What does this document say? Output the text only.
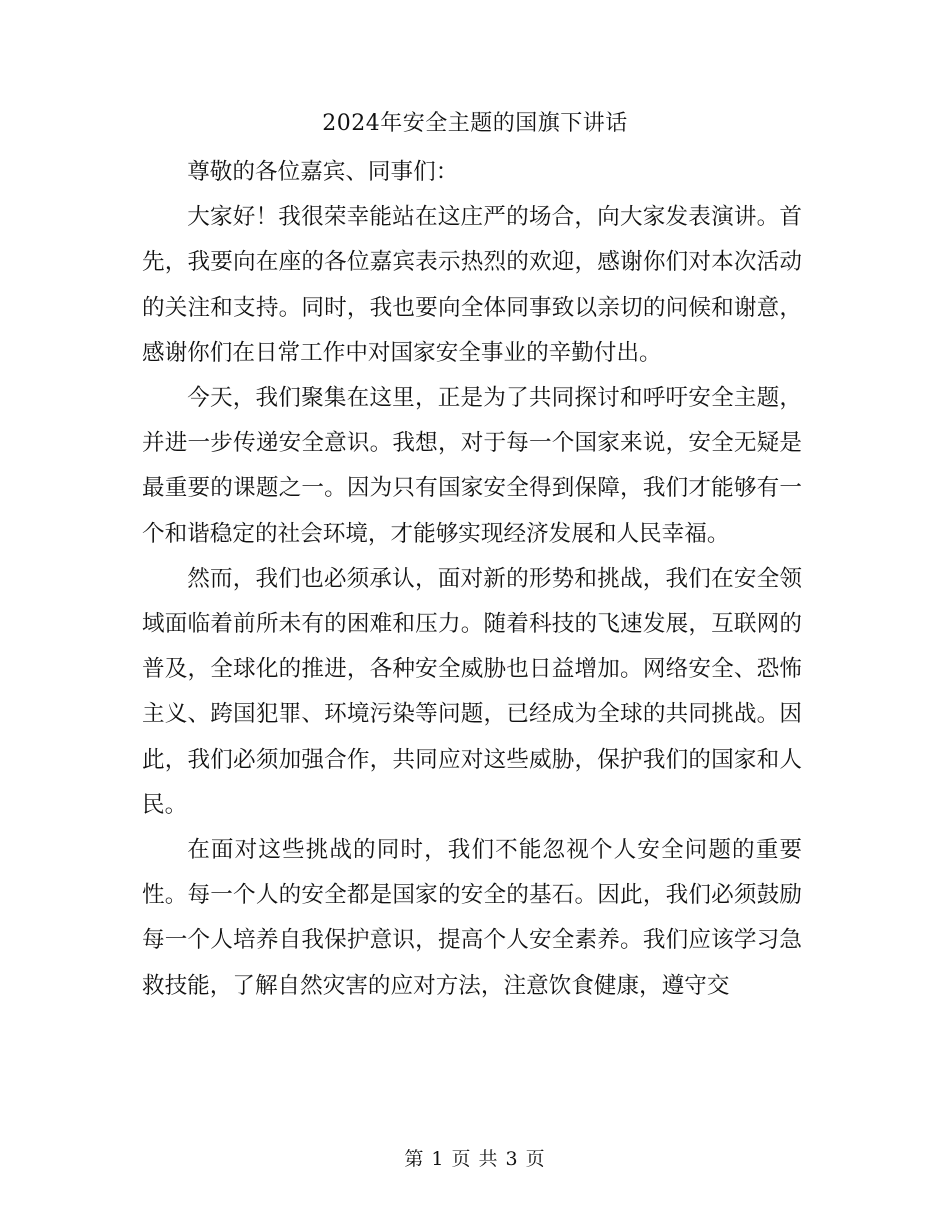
2024年安全主题的国旗下讲话

尊敬的各位嘉宾、同事们：

大家好！我很荣幸能站在这庄严的场合，向大家发表演讲。首先，我要向在座的各位嘉宾表示热烈的欢迎，感谢你们对本次活动的关注和支持。同时，我也要向全体同事致以亲切的问候和谢意，感谢你们在日常工作中对国家安全事业的辛勤付出。

今天，我们聚集在这里，正是为了共同探讨和呼吁安全主题，并进一步传递安全意识。我想，对于每一个国家来说，安全无疑是最重要的课题之一。因为只有国家安全得到保障，我们才能够有一个和谐稳定的社会环境，才能够实现经济发展和人民幸福。

然而，我们也必须承认，面对新的形势和挑战，我们在安全领域面临着前所未有的困难和压力。随着科技的飞速发展，互联网的普及，全球化的推进，各种安全威胁也日益增加。网络安全、恐怖主义、跨国犯罪、环境污染等问题，已经成为全球的共同挑战。因此，我们必须加强合作，共同应对这些威胁，保护我们的国家和人民。

在面对这些挑战的同时，我们不能忽视个人安全问题的重要性。每一个人的安全都是国家的安全的基石。因此，我们必须鼓励每一个人培养自我保护意识，提高个人安全素养。我们应该学习急救技能，了解自然灾害的应对方法，注意饮食健康，遵守交

第 1 页 共 3 页
